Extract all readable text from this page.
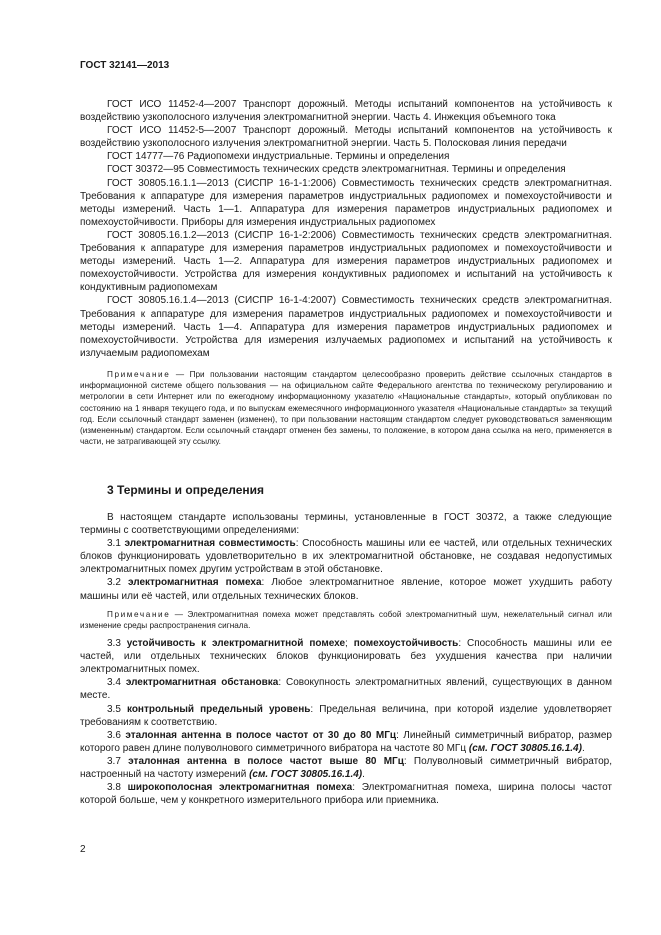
ГОСТ 32141—2013

ГОСТ ИСО 11452-4—2007 Транспорт дорожный. Методы испытаний компонентов на устойчивость к воздействию узкополосного излучения электромагнитной энергии. Часть 4. Инжекция объемного тока

ГОСТ ИСО 11452-5—2007 Транспорт дорожный. Методы испытаний компонентов на устойчивость к воздействию узкополосного излучения электромагнитной энергии. Часть 5. Полосковая линия передачи

ГОСТ 14777—76 Радиопомехи индустриальные. Термины и определения

ГОСТ 30372—95 Совместимость технических средств электромагнитная. Термины и определения

ГОСТ 30805.16.1.1—2013 (СИСПР 16-1-1:2006) Совместимость технических средств электромагнитная. Требования к аппаратуре для измерения параметров индустриальных радиопомех и помехоустойчивости и методы измерений. Часть 1—1. Аппаратура для измерения параметров индустриальных радиопомех и помехоустойчивости. Приборы для измерения индустриальных радиопомех

ГОСТ 30805.16.1.2—2013 (СИСПР 16-1-2:2006) Совместимость технических средств электромагнитная. Требования к аппаратуре для измерения параметров индустриальных радиопомех и помехоустойчивости и методы измерений. Часть 1—2. Аппаратура для измерения параметров индустриальных радиопомех и помехоустойчивости. Устройства для измерения кондуктивных радиопомех и испытаний на устойчивость к кондуктивным радиопомехам

ГОСТ 30805.16.1.4—2013 (СИСПР 16-1-4:2007) Совместимость технических средств электромагнитная. Требования к аппаратуре для измерения параметров индустриальных радиопомех и помехоустойчивости и методы измерений. Часть 1—4. Аппаратура для измерения параметров индустриальных радиопомех и помехоустойчивости. Устройства для измерения излучаемых радиопомех и испытаний на устойчивость к излучаемым радиопомехам

Примечание — При пользовании настоящим стандартом целесообразно проверить действие ссылочных стандартов в информационной системе общего пользования — на официальном сайте Федерального агентства по техническому регулированию и метрологии в сети Интернет или по ежегодному информационному указателю «Национальные стандарты», который опубликован по состоянию на 1 января текущего года, и по выпускам ежемесячного информационного указателя «Национальные стандарты» за текущий год. Если ссылочный стандарт заменен (изменен), то при пользовании настоящим стандартом следует руководствоваться заменяющим (измененным) стандартом. Если ссылочный стандарт отменен без замены, то положение, в котором дана ссылка на него, применяется в части, не затрагивающей эту ссылку.

3 Термины и определения

В настоящем стандарте использованы термины, установленные в ГОСТ 30372, а также следующие термины с соответствующими определениями:

3.1 электромагнитная совместимость: Способность машины или ее частей, или отдельных технических блоков функционировать удовлетворительно в их электромагнитной обстановке, не создавая недопустимых электромагнитных помех другим устройствам в этой обстановке.

3.2 электромагнитная помеха: Любое электромагнитное явление, которое может ухудшить работу машины или её частей, или отдельных технических блоков.

Примечание — Электромагнитная помеха может представлять собой электромагнитный шум, нежелательный сигнал или изменение среды распространения сигнала.

3.3 устойчивость к электромагнитной помехе; помехоустойчивость: Способность машины или ее частей, или отдельных технических блоков функционировать без ухудшения качества при наличии электромагнитных помех.

3.4 электромагнитная обстановка: Совокупность электромагнитных явлений, существующих в данном месте.

3.5 контрольный предельный уровень: Предельная величина, при которой изделие удовлетворяет требованиям к соответствию.

3.6 эталонная антенна в полосе частот от 30 до 80 МГц: Линейный симметричный вибратор, размер которого равен длине полуволнового симметричного вибратора на частоте 80 МГц (см. ГОСТ 30805.16.1.4).

3.7 эталонная антенна в полосе частот выше 80 МГц: Полуволновый симметричный вибратор, настроенный на частоту измерений (см. ГОСТ 30805.16.1.4).

3.8 широкополосная электромагнитная помеха: Электромагнитная помеха, ширина полосы частот которой больше, чем у конкретного измерительного прибора или приемника.

2
